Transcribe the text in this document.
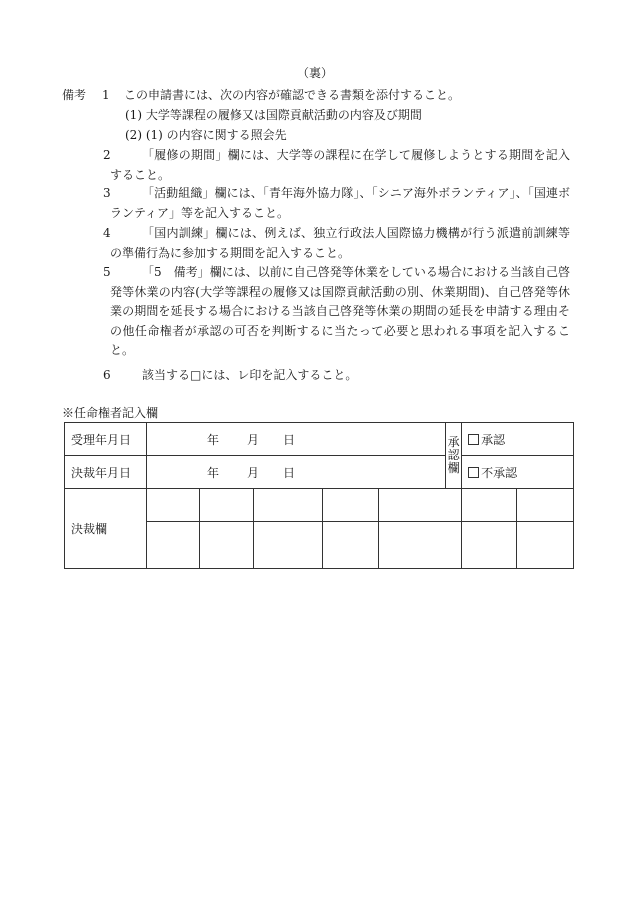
（裏）
備考 1	この申請書には、次の内容が確認できる書類を添付すること。
(1) 大学等課程の履修又は国際貢献活動の内容及び期間
(2) (1) の内容に関する照会先
2	「履修の期間」欄には、大学等の課程に在学して履修しようとする期間を記入すること。
3	「活動組織」欄には、「青年海外協力隊」、「シニア海外ボランティア」、「国連ボランティア」等を記入すること。
4	「国内訓練」欄には、例えば、独立行政法人国際協力機構が行う派遣前訓練等の準備行為に参加する期間を記入すること。
5	「5　備考」欄には、以前に自己啓発等休業をしている場合における当該自己啓発等休業の内容(大学等課程の履修又は国際貢献活動の別、休業期間)、自己啓発等休業の期間を延長する場合における当該自己啓発等休業の期間の延長を申請する理由その他任命権者が承認の可否を判断するに当たって必要と思われる事項を記入すること。
6	該当する□には、レ印を記入すること。
※任命権者記入欄
受理年月日	年 月 日					承認欄	承認	
決裁年月日	年 月 日						不承認	
決裁欄								
